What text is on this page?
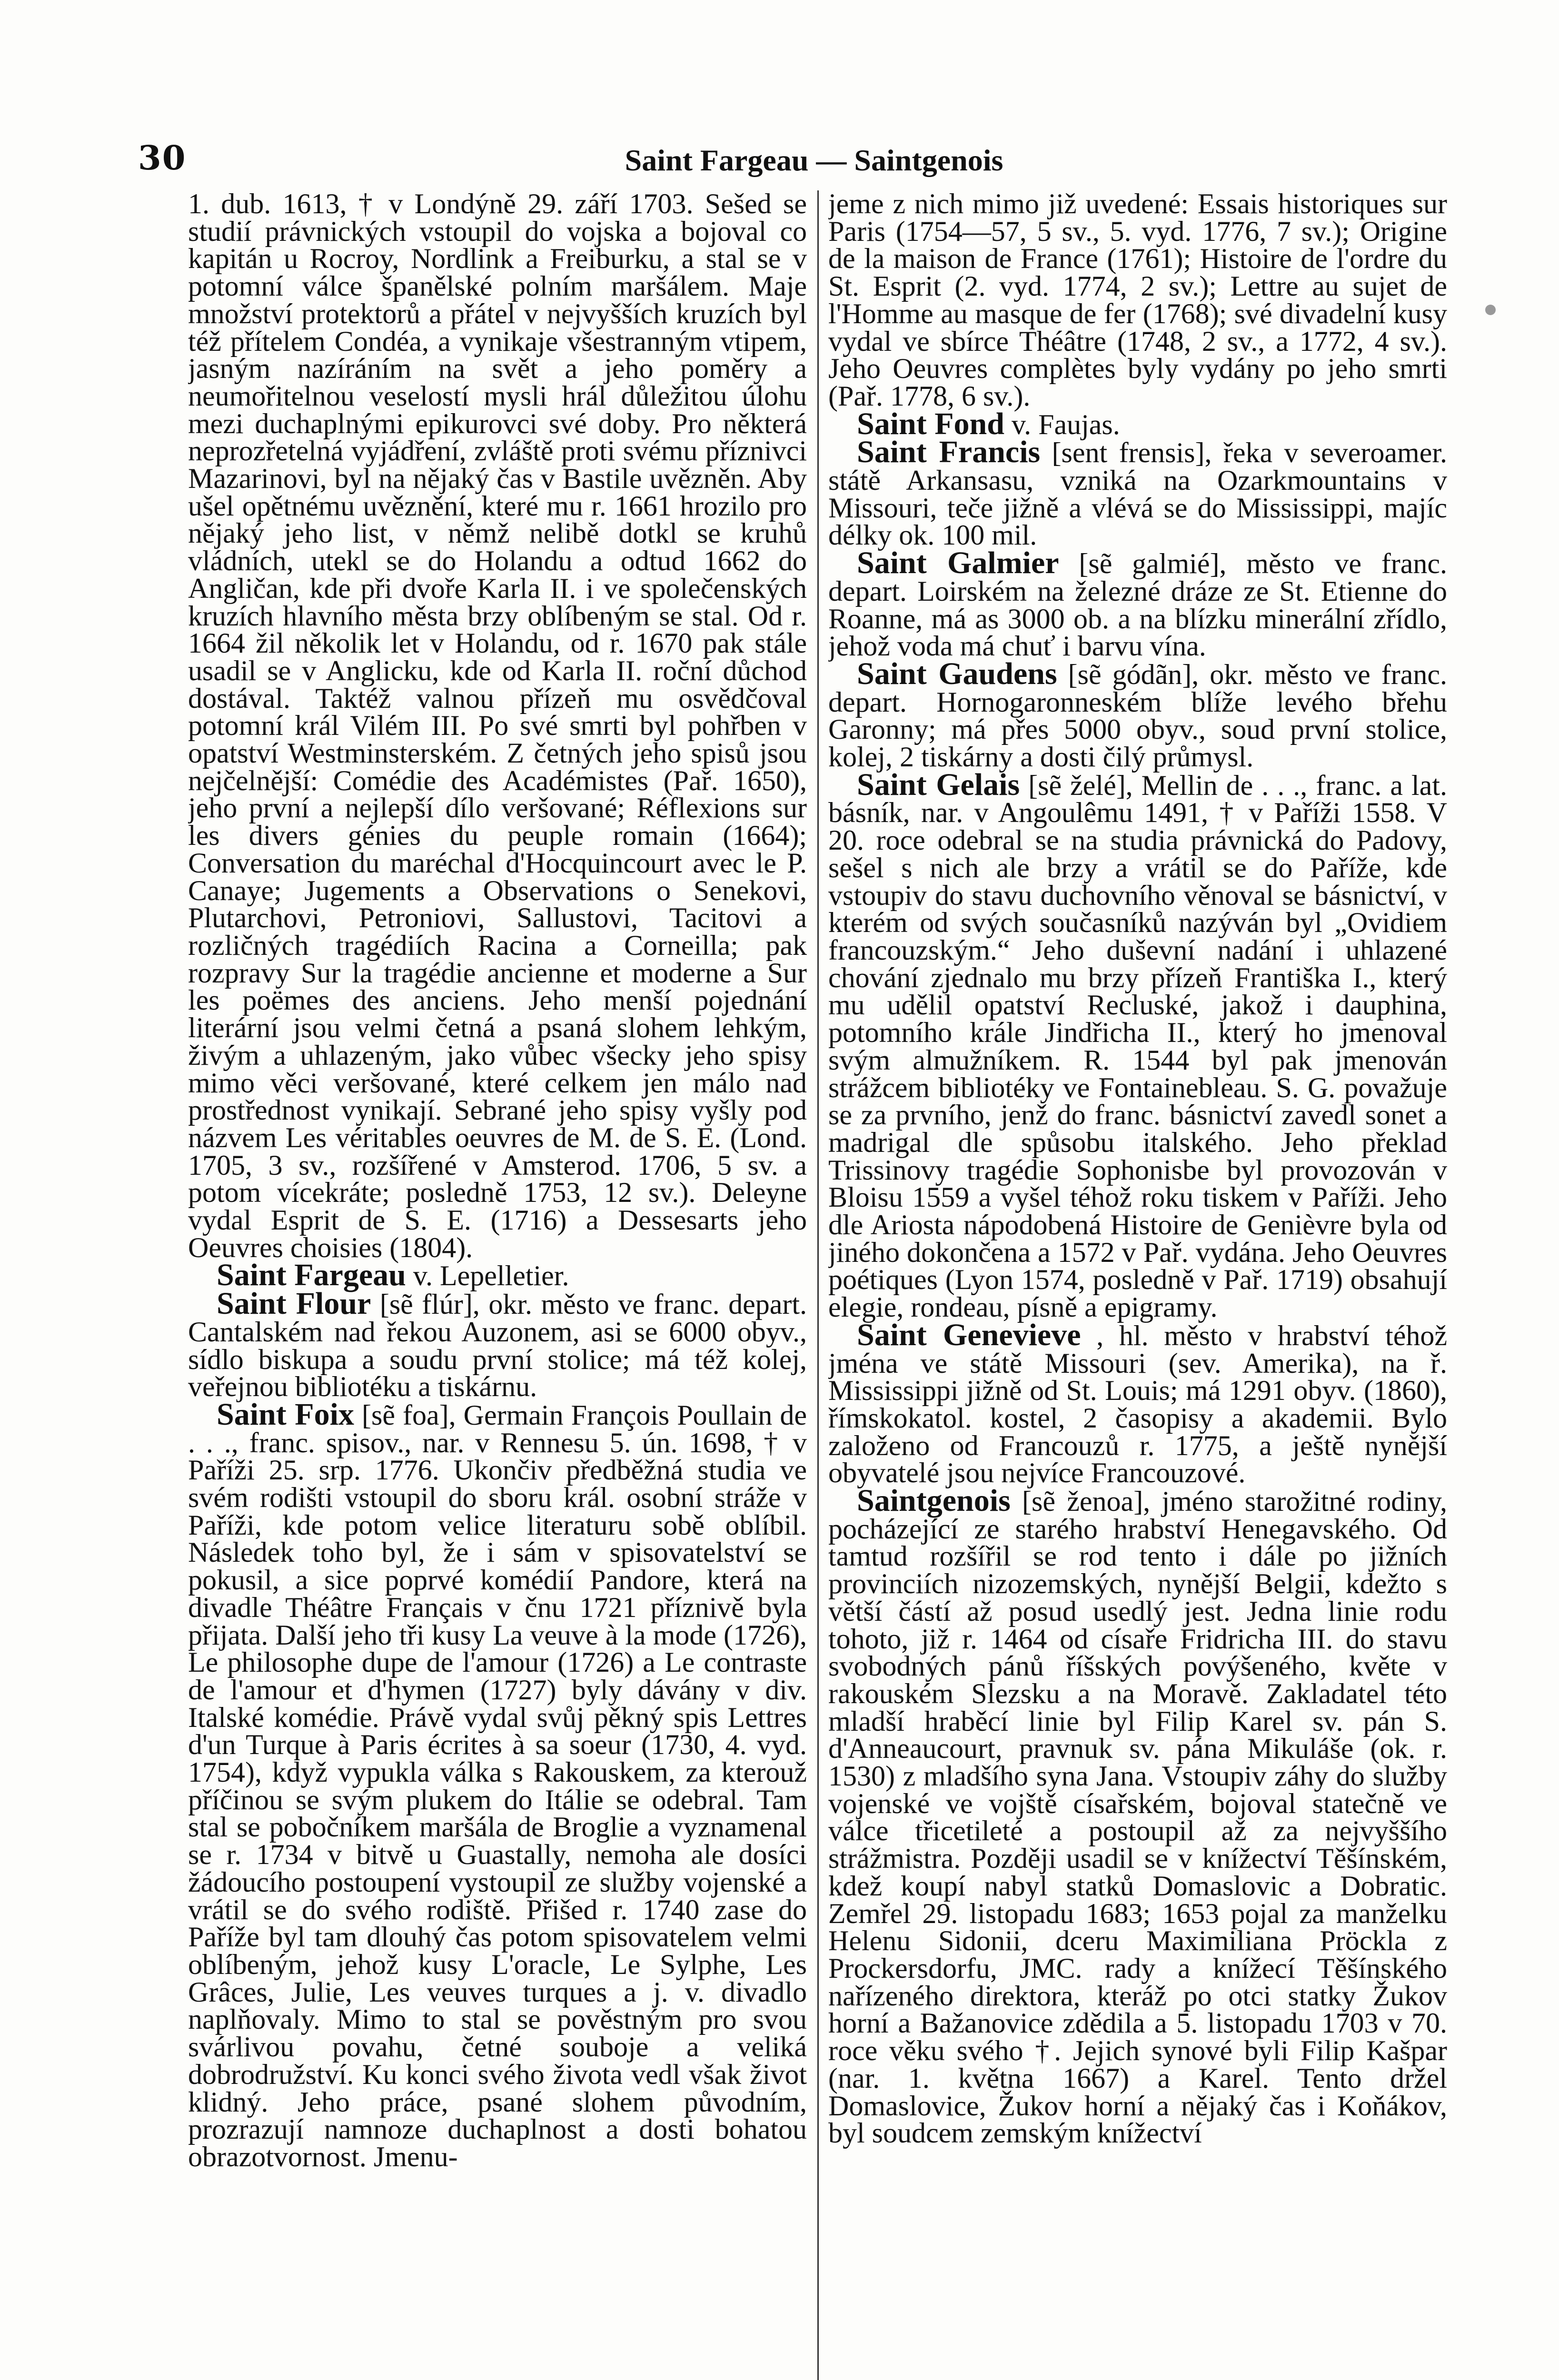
30	Saint Fargeau — Saintgenois

1. dub. 1613, † v Londýně 29. září 1703. Sešed se studií právnických vstoupil do vojska a bojoval co kapitán u Rocroy, Nordlink a Freiburku, a stal se v potomní válce španělské polním maršálem. Maje množství protektorů a přátel v nejvyšších kruzích byl též přítelem Condéa, a vynikaje všestranným vtipem, jasným nazíráním na svět a jeho poměry a neumořitelnou veselostí mysli hrál důležitou úlohu mezi duchaplnými epikurovci své doby. Pro některá neprozřetelná vyjádření, zvláště proti svému příznivci Mazarinovi, byl na nějaký čas v Bastile uvězněn. Aby ušel opětnému uvěznění, které mu r. 1661 hrozilo pro nějaký jeho list, v němž nelibě dotkl se kruhů vládních, utekl se do Holandu a odtud 1662 do Angličan, kde při dvoře Karla II. i ve společenských kruzích hlavního města brzy oblíbeným se stal. Od r. 1664 žil několik let v Holandu, od r. 1670 pak stále usadil se v Anglicku, kde od Karla II. roční důchod dostával. Taktéž valnou přízeň mu osvědčoval potomní král Vilém III. Po své smrti byl pohřben v opatství Westminsterském. Z četných jeho spisů jsou nejčelnější: Comédie des Académistes (Pař. 1650), jeho první a nejlepší dílo veršované; Réflexions sur les divers génies du peuple romain (1664); Conversation du maréchal d'Hocquincourt avec le P. Canaye; Jugements a Observations o Senekovi, Plutarchovi, Petroniovi, Sallustovi, Tacitovi a rozličných tragédiích Racina a Corneilla; pak rozpravy Sur la tragédie ancienne et moderne a Sur les poëmes des anciens. Jeho menší pojednání literární jsou velmi četná a psaná slohem lehkým, živým a uhlazeným, jako vůbec všecky jeho spisy mimo věci veršované, které celkem jen málo nad prostřednost vynikají. Sebrané jeho spisy vyšly pod názvem Les véritables oeuvres de M. de S. E. (Lond. 1705, 3 sv., rozšířené v Amsterod. 1706, 5 sv. a potom vícekráte; posledně 1753, 12 sv.). Deleyne vydal Esprit de S. E. (1716) a Dessesarts jeho Oeuvres choisies (1804).

Saint Fargeau v. Lepelletier.

Saint Flour [sẽ flúr], okr. město ve franc. depart. Cantalském nad řekou Auzonem, asi se 6000 obyv., sídlo biskupa a soudu první stolice; má též kolej, veřejnou bibliotéku a tiskárnu.

Saint Foix [sẽ foa], Germain François Poullain de . . ., franc. spisov., nar. v Rennesu 5. ún. 1698, † v Paříži 25. srp. 1776. Ukončiv předběžná studia ve svém rodišti vstoupil do sboru král. osobní stráže v Paříži, kde potom velice literaturu sobě oblíbil. Následek toho byl, že i sám v spisovatelství se pokusil, a sice poprvé komédií Pandore, která na divadle Théâtre Français v čnu 1721 příznivě byla přijata. Další jeho tři kusy La veuve à la mode (1726), Le philosophe dupe de l'amour (1726) a Le contraste de l'amour et d'hymen (1727) byly dávány v div. Italské komédie. Právě vydal svůj pěkný spis Lettres d'un Turque à Paris écrites à sa soeur (1730, 4. vyd. 1754), když vypukla válka s Rakouskem, za kterouž příčinou se svým plukem do Itálie se odebral. Tam stal se pobočníkem maršála de Broglie a vyznamenal se r. 1734 v bitvě u Guastally, nemoha ale dosíci žádoucího postoupení vystoupil ze služby vojenské a vrátil se do svého rodiště. Přišed r. 1740 zase do Paříže byl tam dlouhý čas potom spisovatelem velmi oblíbeným, jehož kusy L'oracle, Le Sylphe, Les Grâces, Julie, Les veuves turques a j. v. divadlo naplňovaly. Mimo to stal se pověstným pro svou svárlivou povahu, četné souboje a veliká dobrodružství. Ku konci svého života vedl však život klidný. Jeho práce, psané slohem původním, prozrazují namnoze duchaplnost a dosti bohatou obrazotvornost. Jmenu-

jeme z nich mimo již uvedené: Essais historiques sur Paris (1754—57, 5 sv., 5. vyd. 1776, 7 sv.); Origine de la maison de France (1761); Histoire de l'ordre du St. Esprit (2. vyd. 1774, 2 sv.); Lettre au sujet de l'Homme au masque de fer (1768); své divadelní kusy vydal ve sbírce Théâtre (1748, 2 sv., a 1772, 4 sv.). Jeho Oeuvres complètes byly vydány po jeho smrti (Pař. 1778, 6 sv.).

Saint Fond v. Faujas.

Saint Francis [sent frensis], řeka v severoamer. státě Arkansasu, vzniká na Ozarkmountains v Missouri, teče jižně a vlévá se do Mississippi, majíc délky ok. 100 mil.

Saint Galmier [sẽ galmié], město ve franc. depart. Loirském na železné dráze ze St. Etienne do Roanne, má as 3000 ob. a na blízku minerální zřídlo, jehož voda má chuť i barvu vína.

Saint Gaudens [sẽ gódãn], okr. město ve franc. depart. Hornogaronneském blíže levého břehu Garonny; má přes 5000 obyv., soud první stolice, kolej, 2 tiskárny a dosti čilý průmysl.

Saint Gelais [sẽ želé], Mellin de . . ., franc. a lat. básník, nar. v Angoulêmu 1491, † v Paříži 1558. V 20. roce odebral se na studia právnická do Padovy, sešel s nich ale brzy a vrátil se do Paříže, kde vstoupiv do stavu duchovního věnoval se básnictví, v kterém od svých současníků nazýván byl „Ovidiem francouzským.“ Jeho duševní nadání i uhlazené chování zjednalo mu brzy přízeň Františka I., který mu udělil opatství Recluské, jakož i dauphina, potomního krále Jindřicha II., který ho jmenoval svým almužníkem. R. 1544 byl pak jmenován strážcem bibliotéky ve Fontainebleau. S. G. považuje se za prvního, jenž do franc. básnictví zavedl sonet a madrigal dle spůsobu italského. Jeho překlad Trissinovy tragédie Sophonisbe byl provozován v Bloisu 1559 a vyšel téhož roku tiskem v Paříži. Jeho dle Ariosta nápodobená Histoire de Genièvre byla od jiného dokončena a 1572 v Pař. vydána. Jeho Oeuvres poétiques (Lyon 1574, posledně v Pař. 1719) obsahují elegie, rondeau, písně a epigramy.

Saint Genevieve , hl. město v hrabství téhož jména ve státě Missouri (sev. Amerika), na ř. Mississippi jižně od St. Louis; má 1291 obyv. (1860), římskokatol. kostel, 2 časopisy a akademii. Bylo založeno od Francouzů r. 1775, a ještě nynější obyvatelé jsou nejvíce Francouzové.

Saintgenois [sẽ ženoa], jméno starožitné rodiny, pocházející ze starého hrabství Henegavského. Od tamtud rozšířil se rod tento i dále po jižních provinciích nizozemských, nynější Belgii, kdežto s větší částí až posud usedlý jest. Jedna linie rodu tohoto, již r. 1464 od císaře Fridricha III. do stavu svobodných pánů říšských povýšeného, květe v rakouském Slezsku a na Moravě. Zakladatel této mladší hraběcí linie byl Filip Karel sv. pán S. d'Anneaucourt, pravnuk sv. pána Mikuláše (ok. r. 1530) z mladšího syna Jana. Vstoupiv záhy do služby vojenské ve vojště císařském, bojoval statečně ve válce třicetileté a postoupil až za nejvyššího strážmistra. Později usadil se v knížectví Těšínském, kdež koupí nabyl statků Domaslovic a Dobratic. Zemřel 29. listopadu 1683; 1653 pojal za manželku Helenu Sidonii, dceru Maximiliana Pröckla z Prockersdorfu, JMC. rady a knížecí Těšínského nařízeného direktora, kteráž po otci statky Žukov horní a Bažanovice zdědila a 5. listopadu 1703 v 70. roce věku svého †. Jejich synové byli Filip Kašpar (nar. 1. května 1667) a Karel. Tento držel Domaslovice, Žukov horní a nějaký čas i Koňákov, byl soudcem zemským knížectví
